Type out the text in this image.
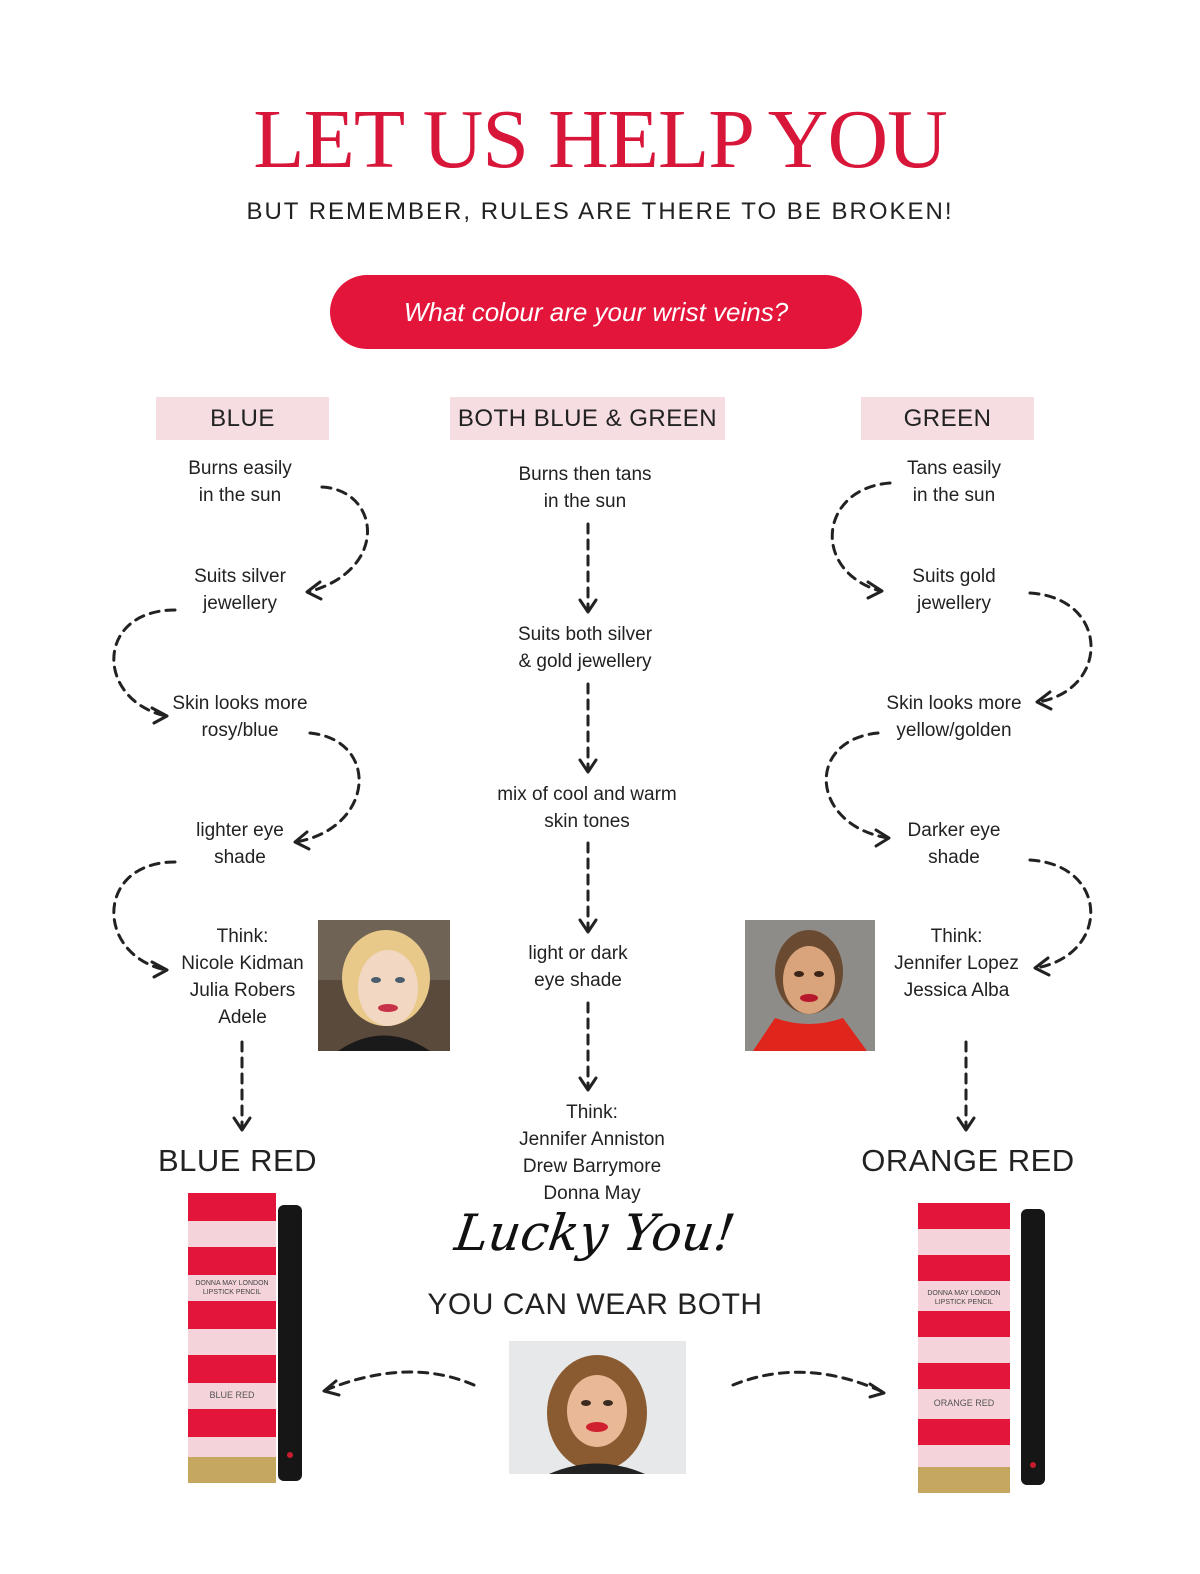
LET US HELP YOU
BUT REMEMBER, RULES ARE THERE TO BE BROKEN!
What colour are your wrist veins?
BLUE	BOTH BLUE & GREEN	GREEN
Burns easily
in the sun
Suits silver
jewellery
Skin looks more
rosy/blue
lighter eye
shade
Think:
Nicole Kidman
Julia Robers
Adele
Burns then tans
in the sun
Suits both silver
& gold jewellery
mix of cool and warm
skin tones
light or dark
eye shade
Think:
Jennifer Anniston
Drew Barrymore
Donna May
Tans easily
in the sun
Suits gold
jewellery
Skin looks more
yellow/golden
Darker eye
shade
Think:
Jennifer Lopez
Jessica Alba
BLUE RED	ORANGE RED
Lucky You!
YOU CAN WEAR BOTH
DONNA MAY LONDON
LIPSTICK PENCIL
BLUE RED
DONNA MAY LONDON
LIPSTICK PENCIL
ORANGE RED
